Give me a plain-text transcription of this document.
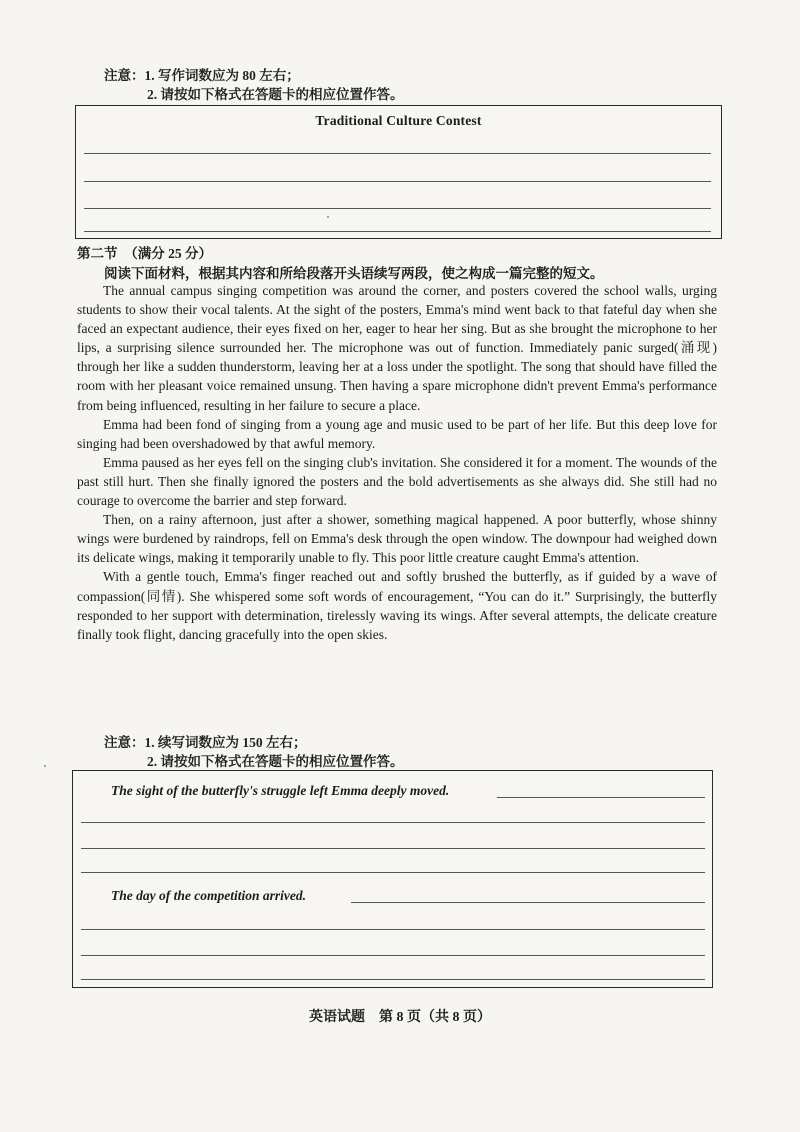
注意：1. 写作词数应为 80 左右；
2. 请按如下格式在答题卡的相应位置作答。
Traditional Culture Contest
第二节　（满分 25 分）
阅读下面材料，根据其内容和所给段落开头语续写两段，使之构成一篇完整的短文。

The annual campus singing competition was around the corner, and posters covered the school walls, urging students to show their vocal talents. At the sight of the posters, Emma's mind went back to that fateful day when she faced an expectant audience, their eyes fixed on her, eager to hear her sing. But as she brought the microphone to her lips, a surprising silence surrounded her. The microphone was out of function. Immediately panic surged(涌现) through her like a sudden thunderstorm, leaving her at a loss under the spotlight. The song that should have filled the room with her pleasant voice remained unsung. Then having a spare microphone didn't prevent Emma's performance from being influenced, resulting in her failure to secure a place.

Emma had been fond of singing from a young age and music used to be part of her life. But this deep love for singing had been overshadowed by that awful memory.

Emma paused as her eyes fell on the singing club's invitation. She considered it for a moment. The wounds of the past still hurt. Then she finally ignored the posters and the bold advertisements as she always did. She still had no courage to overcome the barrier and step forward.

Then, on a rainy afternoon, just after a shower, something magical happened. A poor butterfly, whose shinny wings were burdened by raindrops, fell on Emma's desk through the open window. The downpour had weighed down its delicate wings, making it temporarily unable to fly. This poor little creature caught Emma's attention.

With a gentle touch, Emma's finger reached out and softly brushed the butterfly, as if guided by a wave of compassion(同情). She whispered some soft words of encouragement, “You can do it.” Surprisingly, the butterfly responded to her support with determination, tirelessly waving its wings. After several attempts, the delicate creature finally took flight, dancing gracefully into the open skies.

注意：1. 续写词数应为 150 左右；
2. 请按如下格式在答题卡的相应位置作答。
The sight of the butterfly's struggle left Emma deeply moved.
The day of the competition arrived.
英语试题　第 8 页（共 8 页）
